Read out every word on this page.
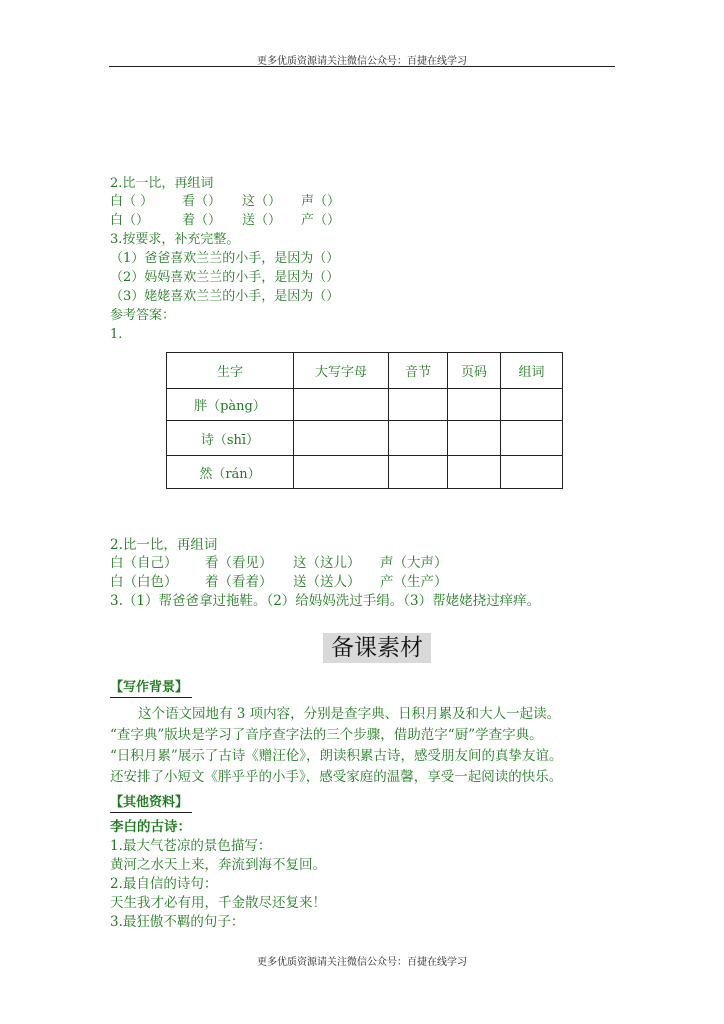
更多优质资源请关注微信公众号：百捷在线学习
2.比一比，再组词
白（ ） 看（） 这（） 声（）
白（）	着（） 送（） 产（）
3.按要求，补充完整。
（1）爸爸喜欢兰兰的小手，是因为（）
（2）妈妈喜欢兰兰的小手，是因为（）
（3）姥姥喜欢兰兰的小手，是因为（）
参考答案：
1.
生字	大写字母	音节	页码	组词
胖（pàng）				
诗（shī）				
然（rán）				
2.比一比，再组词
白（自己） 看（看见） 这（这儿） 声（大声）
白（白色） 着（看着） 送（送人） 产（生产）
3.（1）帮爸爸拿过拖鞋。（2）给妈妈洗过手绢。（3）帮姥姥挠过痒痒。
备课素材
【写作背景】
这个语文园地有 3 项内容，分别是查字典、日积月累及和大人一起读。
“查字典”版块是学习了音序查字法的三个步骤，借助范字“厨”学查字典。
“日积月累”展示了古诗《赠汪伦》，朗读积累古诗，感受朋友间的真挚友谊。
还安排了小短文《胖乎乎的小手》，感受家庭的温馨，享受一起阅读的快乐。
【其他资料】
李白的古诗：
1.最大气苍凉的景色描写：
黄河之水天上来，奔流到海不复回。
2.最自信的诗句：
天生我才必有用，千金散尽还复来！
3.最狂傲不羁的句子：
更多优质资源请关注微信公众号：百捷在线学习
